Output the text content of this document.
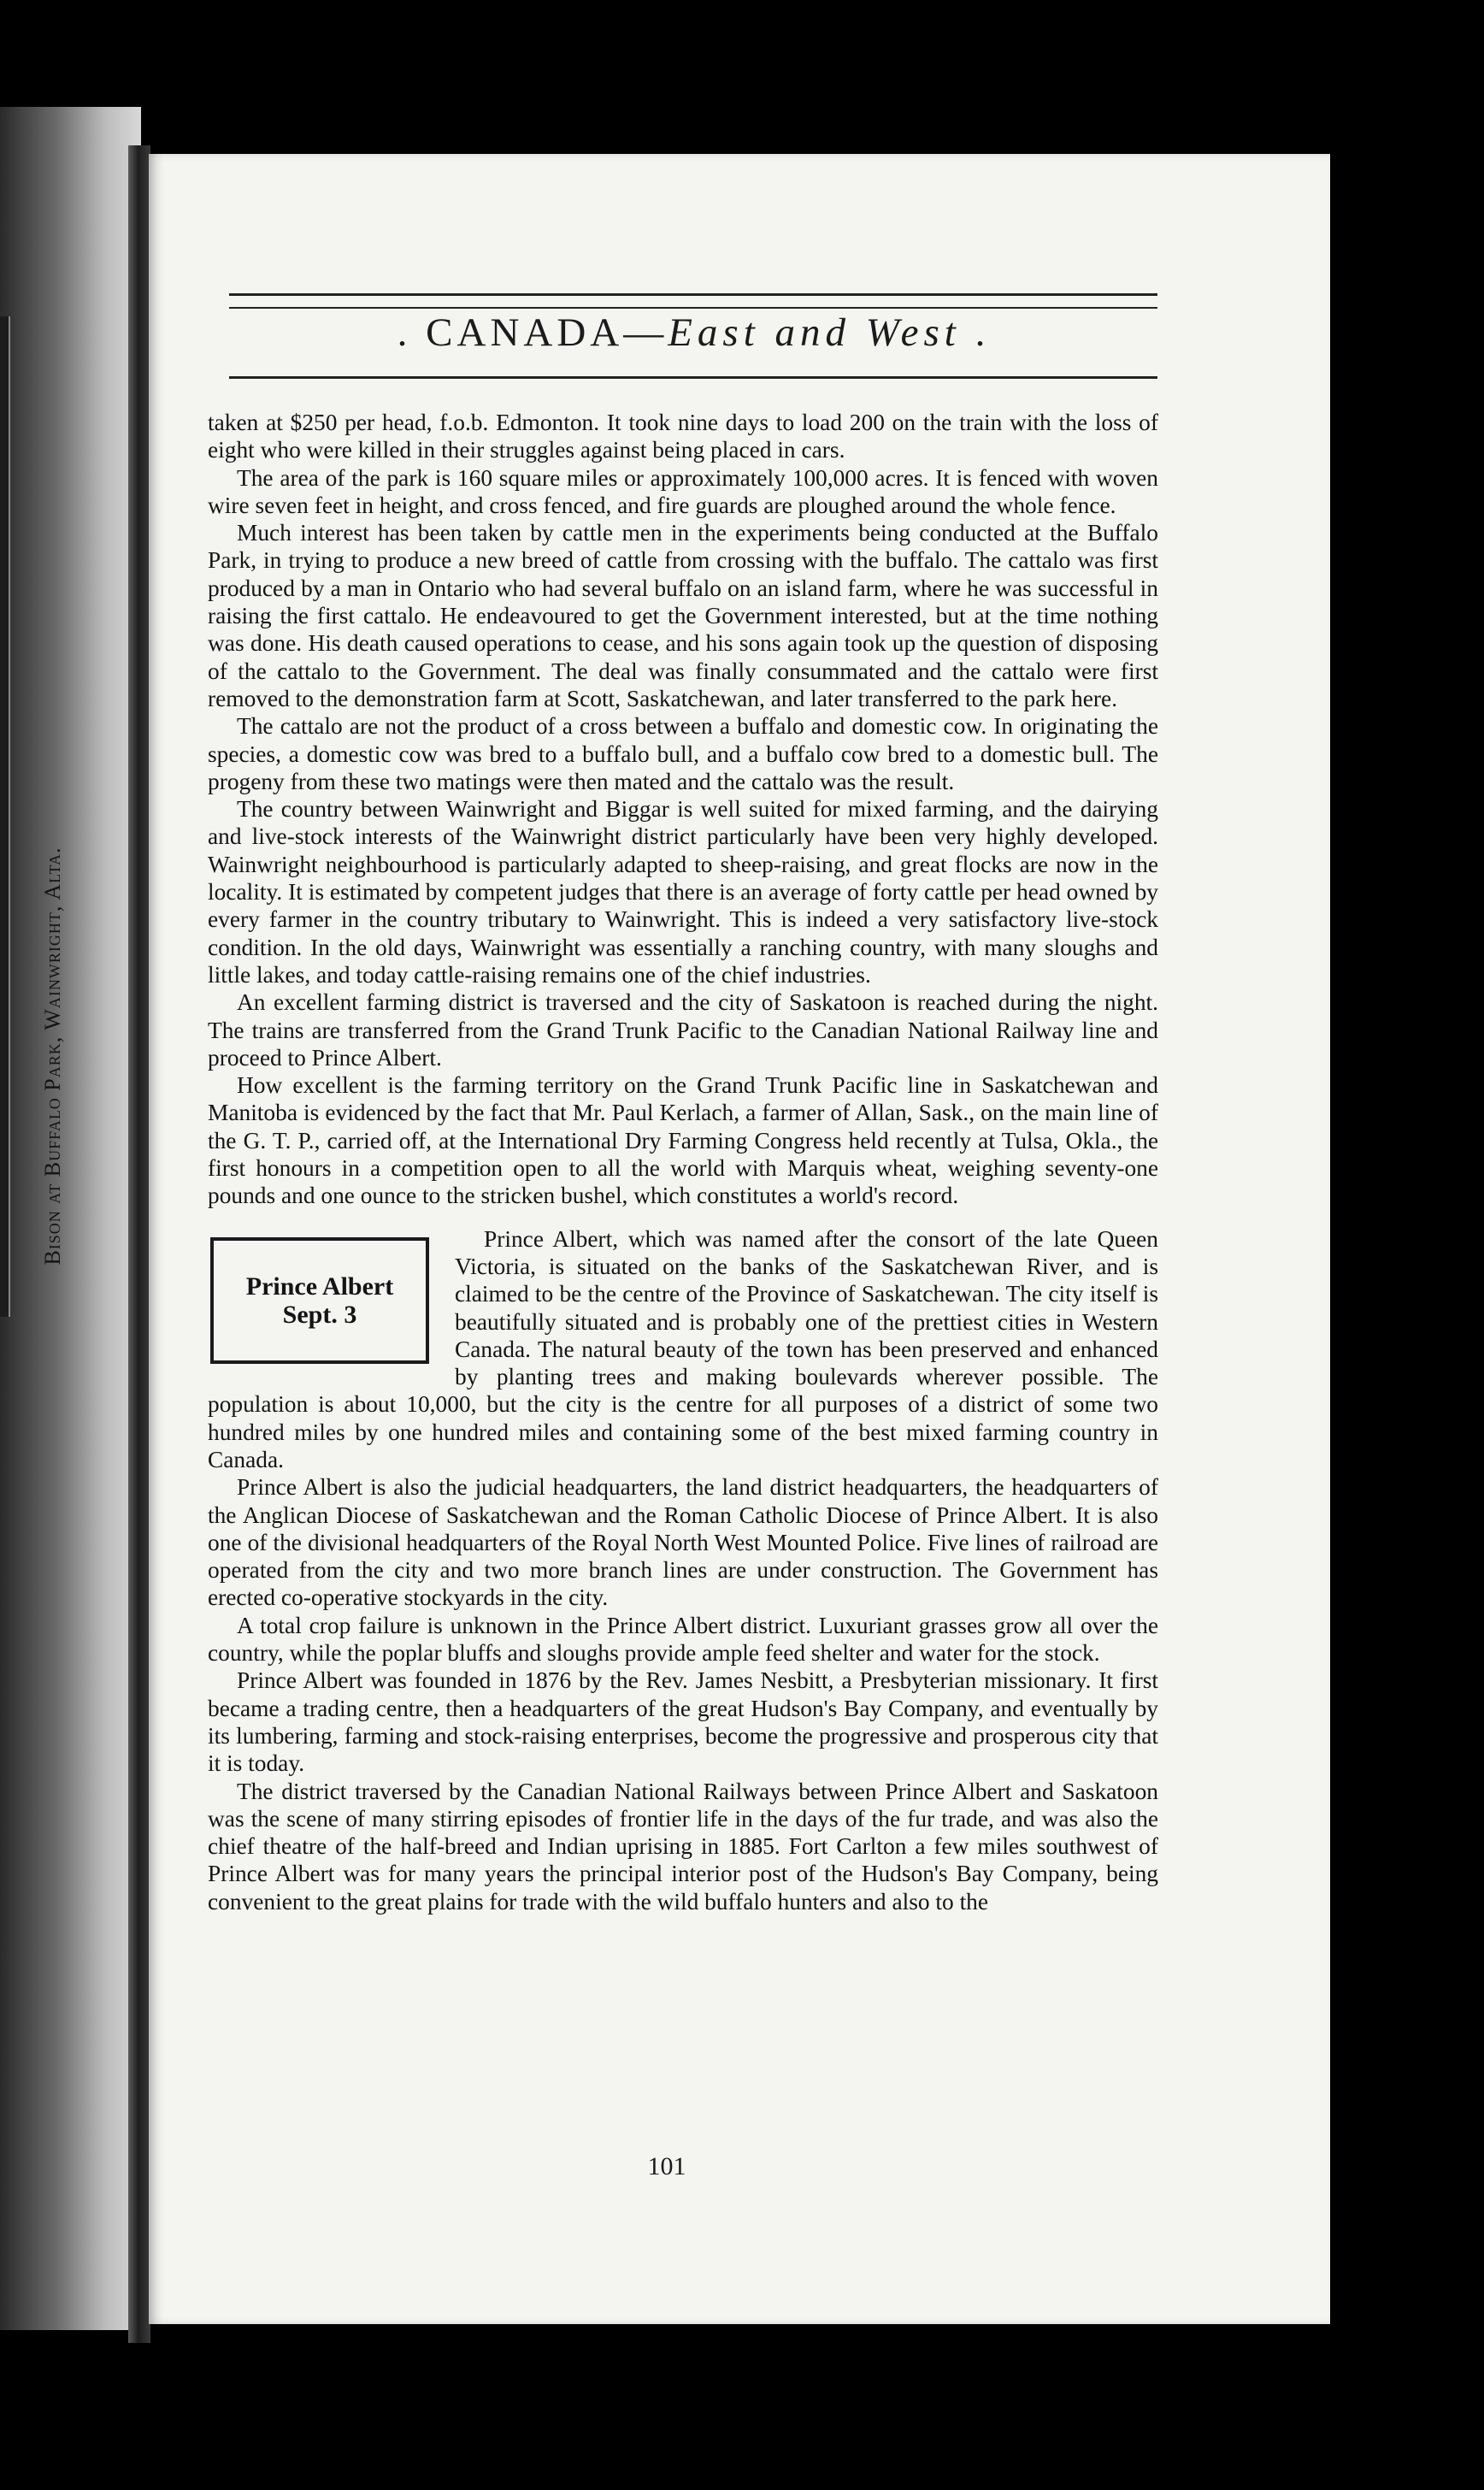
Bison at Buffalo Park, Wainwright, Alta.
. CANADA—East and West .

taken at $250 per head, f.o.b. Edmonton. It took nine days to load 200 on the train with the loss of eight who were killed in their struggles against being placed in cars.

The area of the park is 160 square miles or approximately 100,000 acres. It is fenced with woven wire seven feet in height, and cross fenced, and fire guards are ploughed around the whole fence.

Much interest has been taken by cattle men in the experiments being conducted at the Buffalo Park, in trying to produce a new breed of cattle from crossing with the buffalo. The cattalo was first produced by a man in Ontario who had several buffalo on an island farm, where he was successful in raising the first cattalo. He endeavoured to get the Government interested, but at the time nothing was done. His death caused operations to cease, and his sons again took up the question of disposing of the cattalo to the Government. The deal was finally consummated and the cattalo were first removed to the demonstration farm at Scott, Saskatchewan, and later transferred to the park here.

The cattalo are not the product of a cross between a buffalo and domestic cow. In originating the species, a domestic cow was bred to a buffalo bull, and a buffalo cow bred to a domestic bull. The progeny from these two matings were then mated and the cattalo was the result.

The country between Wainwright and Biggar is well suited for mixed farming, and the dairying and live-stock interests of the Wainwright district particularly have been very highly developed. Wainwright neighbourhood is particularly adapted to sheep-raising, and great flocks are now in the locality. It is estimated by competent judges that there is an average of forty cattle per head owned by every farmer in the country tributary to Wainwright. This is indeed a very satisfactory live-stock condition. In the old days, Wainwright was essentially a ranching country, with many sloughs and little lakes, and today cattle-raising remains one of the chief industries.

An excellent farming district is traversed and the city of Saskatoon is reached during the night. The trains are transferred from the Grand Trunk Pacific to the Canadian National Railway line and proceed to Prince Albert.

How excellent is the farming territory on the Grand Trunk Pacific line in Saskatchewan and Manitoba is evidenced by the fact that Mr. Paul Kerlach, a farmer of Allan, Sask., on the main line of the G. T. P., carried off, at the International Dry Farming Congress held recently at Tulsa, Okla., the first honours in a competition open to all the world with Marquis wheat, weighing seventy-one pounds and one ounce to the stricken bushel, which constitutes a world's record.

Prince Albert
Sept. 3

Prince Albert, which was named after the consort of the late Queen Victoria, is situated on the banks of the Saskatchewan River, and is claimed to be the centre of the Province of Saskatchewan. The city itself is beautifully situated and is probably one of the prettiest cities in Western Canada. The natural beauty of the town has been preserved and enhanced by planting trees and making boulevards wherever possible. The population is about 10,000, but the city is the centre for all purposes of a district of some two hundred miles by one hundred miles and containing some of the best mixed farming country in Canada.

Prince Albert is also the judicial headquarters, the land district headquarters, the headquarters of the Anglican Diocese of Saskatchewan and the Roman Catholic Diocese of Prince Albert. It is also one of the divisional headquarters of the Royal North West Mounted Police. Five lines of railroad are operated from the city and two more branch lines are under construction. The Government has erected co-operative stockyards in the city.

A total crop failure is unknown in the Prince Albert district. Luxuriant grasses grow all over the country, while the poplar bluffs and sloughs provide ample feed shelter and water for the stock.

Prince Albert was founded in 1876 by the Rev. James Nesbitt, a Presbyterian missionary. It first became a trading centre, then a headquarters of the great Hudson's Bay Company, and eventually by its lumbering, farming and stock-raising enterprises, become the progressive and prosperous city that it is today.

The district traversed by the Canadian National Railways between Prince Albert and Saskatoon was the scene of many stirring episodes of frontier life in the days of the fur trade, and was also the chief theatre of the half-breed and Indian uprising in 1885. Fort Carlton a few miles southwest of Prince Albert was for many years the principal interior post of the Hudson's Bay Company, being convenient to the great plains for trade with the wild buffalo hunters and also to the

101
